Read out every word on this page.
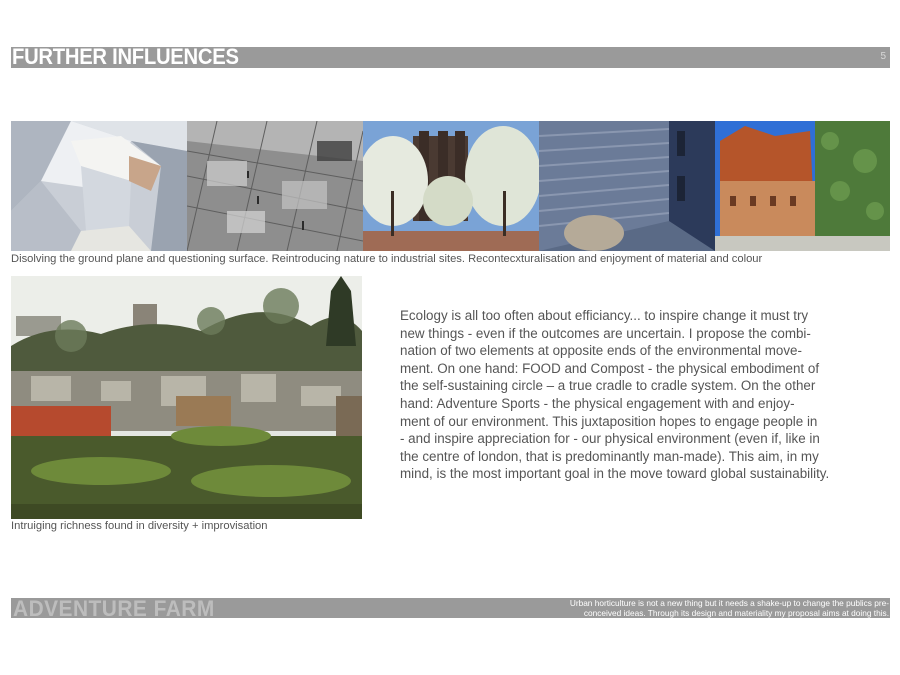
FURTHER INFLUENCES	5
Disolving the ground plane and questioning surface. Reintroducing nature to industrial sites. Recontecxturalisation and enjoyment of material and colour
Intruiging richness found in diversity + improvisation
Ecology is all too often about efficiancy... to inspire change it must try
new things - even if the outcomes are uncertain. I propose the combi-
nation of two elements at opposite ends of the environmental move-
ment. On one hand: FOOD and Compost - the physical embodiment of
the self-sustaining circle – a true cradle to cradle system. On the other
hand: Adventure Sports - the physical engagement with and enjoy-
ment of our environment. This juxtaposition hopes to engage people in
- and inspire appreciation for - our physical environment (even if, like in
the centre of london, that is predominantly man-made). This aim, in my
mind, is the most important goal in the move toward global sustainability.
ADVENTURE FARM	Urban horticulture is not a new thing but it needs a shake-up to change the publics pre-
conceived ideas. Through its design and materiality my proposal aims at doing this.
